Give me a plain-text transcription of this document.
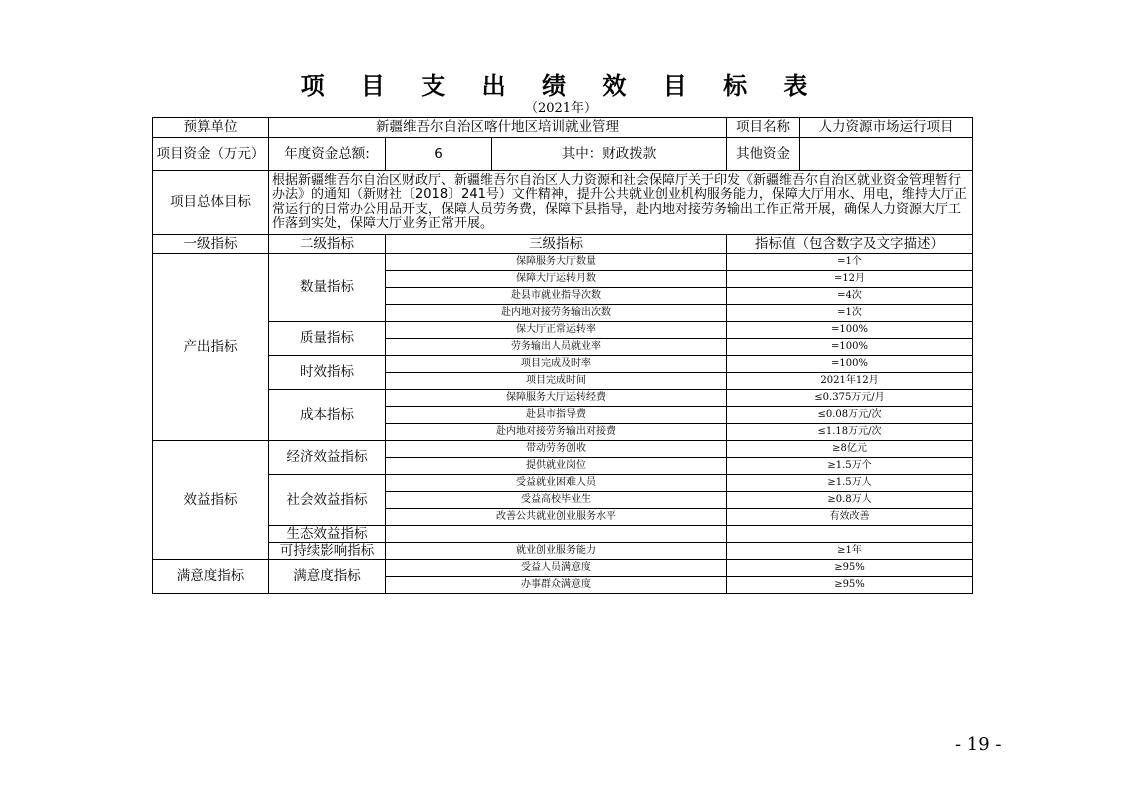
项 目 支 出 绩 效 目 标 表
（2021年）
预算单位	新疆维吾尔自治区喀什地区培训就业管理			项目名称	人力资源市场运行项目
项目资金（万元）	年度资金总额:	6	其中：财政拨款		其他资金	
项目总体目标	根据新疆维吾尔自治区财政厅、新疆维吾尔自治区人力资源和社会保障厅关于印发《新疆维吾尔自治区就业资金管理暂行办法》的通知（新财社〔2018〕241号）文件精神，提升公共就业创业机构服务能力，保障大厅用水、用电，维持大厅正常运行的日常办公用品开支，保障人员劳务费，保障下县指导，赴内地对接劳务输出工作正常开展，确保人力资源大厅工作落到实处，保障大厅业务正常开展。				
一级指标	二级指标	三级指标		指标值（包含数字及文字描述）	
产出指标	数量指标	保障服务大厅数量		=1个	
		保障大厅运转月数		=12月	
		赴县市就业指导次数		=4次	
		赴内地对接劳务输出次数		=1次	
	质量指标	保大厅正常运转率		=100%	
		劳务输出人员就业率		=100%	
	时效指标	项目完成及时率		=100%	
		项目完成时间		2021年12月	
	成本指标	保障服务大厅运转经费		≤0.375万元/月	
		赴县市指导费		≤0.08万元/次	
		赴内地对接劳务输出对接费		≤1.18万元/次	
效益指标	经济效益指标	带动劳务创收		≥8亿元	
		提供就业岗位		≥1.5万个	
	社会效益指标	受益就业困难人员		≥1.5万人	
		受益高校毕业生		≥0.8万人	
		改善公共就业创业服务水平		有效改善	
	生态效益指标				
	可持续影响指标	就业创业服务能力		≥1年	
满意度指标	满意度指标	受益人员满意度		≥95%	
		办事群众满意度		≥95%	
- 19 -
